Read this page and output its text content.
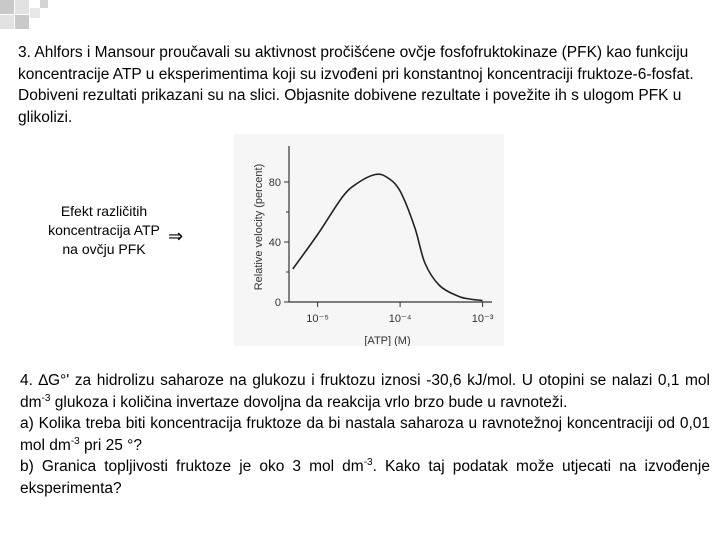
3. Ahlfors i Mansour proučavali su aktivnost pročišćene ovčje fosfofruktokinaze (PFK) kao funkciju koncentracije ATP u eksperimentima koji su izvođeni pri konstantnoj koncentraciji fruktoze-6-fosfat. Dobiveni rezultati prikazani su na slici. Objasnite dobivene rezultate i povežite ih s ulogom PFK u glikolizi.
Efekt različitih koncentracija ATP na ovčju PFK
⇒
0
40
80
10⁻⁵	10⁻⁴	10⁻³
Relative velocity (percent)
[ATP] (M)

4. ∆G°' za hidrolizu saharoze na glukozu i fruktozu iznosi -30,6 kJ/mol. U otopini se nalazi 0,1 mol $dm^{-3}$ glukoza i količina invertaze dovoljna da reakcija vrlo brzo bude u ravnoteži.

a) Kolika treba biti koncentracija fruktoze da bi nastala saharoza u ravnotežnoj koncentraciji od 0,01 mol $dm^{-3}$ pri 25 °?

b) Granica topljivosti fruktoze je oko 3 mol $dm^{-3}$. Kako taj podatak može utjecati na izvođenje eksperimenta?
